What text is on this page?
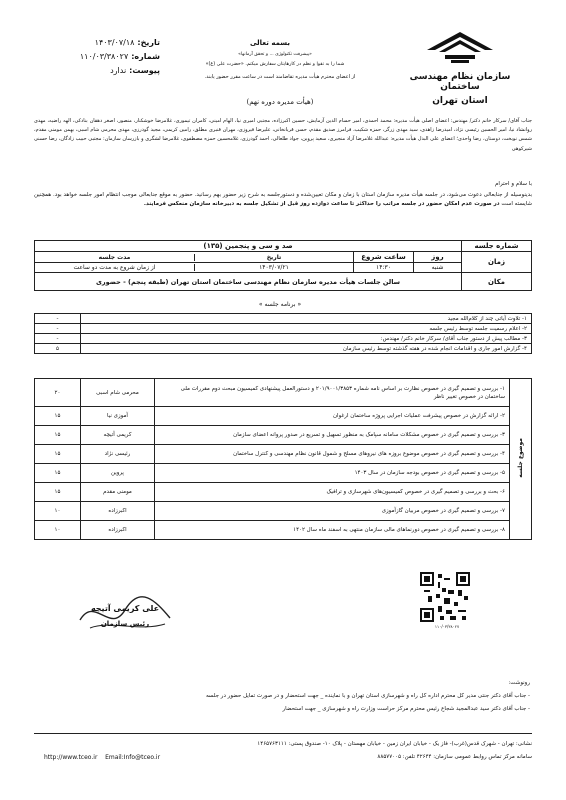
سازمان نظام مهندسی ساختمان
استان تهران
بسمه تعالی
«پیشرفت تکنولوژی ... و تحقق آرمانها»
شما را به تقوا و نظم در کارهایتان سفارش میکنم. «حضرت علی (ع)»
از اعضای محترم هیأت مدیره تقاضامند است در ساعت مقرر حضور یابند.
(هیأت مدیره دوره نهم)
تاریخ:
۱۴۰۳/۰۷/۱۸
شماره:
۱۱۰/۰۳/۳۸۰۲۷
پیوست:
ندارد
جناب آقای/ سرکار خانم دکتر/ مهندس: اعضای اصلی هیأت مدیره: محمد احمدی، امیر حسام الدین آزمایش، حسین اکبرزاده، مجتبی امیری نیا، الهام امینی، کامران تیموری، غلامرضا خوشکنار، منصور، اصغر دهقان بنادکی، الهه راضیه، مهدی روانشاد نیا، امیر الحسین رئیسی نژاد، امیدرضا زاهدی، سید مهدی زرگر، حمزه شکیب، فرامرز صدیق مقدم، حسن قربانخانی، علیرضا فیروزی، مهران قنبری مطلق، رامین کریمی، مجید گودرزی، مهدی محرمی شام اسبی، بهمن مومنی مقدم، شمس نوبخت، دوستان، رضا واحدی؛ اعضای علی البدل هیأت مدیره: عبدالله غلامرضا آزاد منجیری، سعید پروین، جواد طلعالی، احمد گودرزی، غلامحسین حمزه مصطفوی، غلامرضا لشگری و بازرسان سازمان: مجتبی حبیب زادگان، رضا حسنی شیرکوهی
با سلام و احترام
بدینوسیله از جنابعالی دعوت می‌شود، در جلسه هیأت مدیره سازمان استان با زمان و مکان تعیین‌شده و دستورجلسه به شرح زیر حضور بهم رسانید. حضور به موقع جنابعالی موجب انتظام امور جلسه خواهد بود. همچنین شایسته است در صورت عدم امکان حضور در جلسه مراتب را حداکثر تا ساعت دوازده روز قبل از تشکیل جلسه به دبیرخانه سازمان منعکس فرمایند.
شماره جلسه	صد و سی و پنجمین (۱۳۵)		
زمان	روز	ساعت شروع	تاریخ
مدت جلسه

	شنبه	۱۴:۳۰	۱۴۰۳/۰۷/۲۱
از زمان شروع به مدت دو ساعت

مکان	سالن جلسات هیأت مدیره سازمان نظام مهندسی ساختمان استان تهران (طبقه پنجم) - حضوری		
« برنامه جلسه »
۱- تلاوت آیاتی چند از کلام‌الله مجید	-
۲- اعلام رسمیت جلسه توسط رئیس جلسه	-
۳- مطالب پیش از دستور جناب آقای/ سرکار خانم دکتر/ مهندس:	-
۴- گزارش امور جاری و اقدامات انجام شده در هفته گذشته توسط رئیس سازمان	۵
موضوع جلسه	۱- بررسی و تصمیم گیری در خصوص نظارت بر اساس نامه شماره ۲۰۱/۹۰۰۱/۳۸۵۳ و دستورالعمل پیشنهادی کمیسیون مبحث دوم مقررات ملی ساختمان در خصوص تغییر ناظر	محرمی شام اسبی	۲۰
	۲- ارائه گزارش در خصوص پیشرفت عملیات اجرایی پروژه ساختمان ارغوان	آموزی نیا	۱۵
	۳- بررسی و تصمیم گیری در خصوص مشکلات سامانه سپامک به منظور تسهیل و تسریع در صدور پروانه اعضای سازمان	کریمی آتیچه	۱۵
	۴- بررسی و تصمیم گیری در خصوص موضوع بروزه های نیروهای مسلح و شمول قانون نظام مهندسی و کنترل ساختمان	رئیسی نژاد	۱۵
	۵- بررسی و تصمیم گیری در خصوص بودجه سازمان در سال ۱۴۰۳	پروین	۱۵
	۶- بحث و بررسی و تصمیم گیری در خصوص کمیسیون‌های شهرسازی و ترافیک	مومنی مقدم	۱۵
	۷- بررسی و تصمیم گیری در خصوص مربیان گازآموزی	اکبرزاده	۱۰
	۸- بررسی و تصمیم گیری در خصوص دورنماهای مالی سازمان منتهی به اسفند ماه سال ۱۴۰۲	اکبرزاده	۱۰
علی کریمی آتیچه
رئیس سازمان	۱۱۰/۰۳/۳۸۰۲۷
رونوشت:
- جناب آقای دکتر جنتی مدیر کل محترم اداره کل راه و شهرسازی استان تهران و با نماینده _ جهت استحضار و در صورت تمایل حضور در جلسه
- جناب آقای دکتر سید عبدالمجید شجاع رئیس محترم مرکز حراست وزارت راه و شهرسازی _ جهت استحضار
نشانی: تهران - شهرک قدس(غرب)- فاز یک - خیابان ایران زمین - خیابان مهستان - پلاک ۱۰- صندوق پستی: ۱۴۶۵۷۶۳۱۱۱
سامانه مرکز تماس روابط عمومی سازمان: ۴۲۶۴۴ تلفن: ۸۸۵۷۷۰۰۵
http://www.tceo.ir Email:Info@tceo.ir
